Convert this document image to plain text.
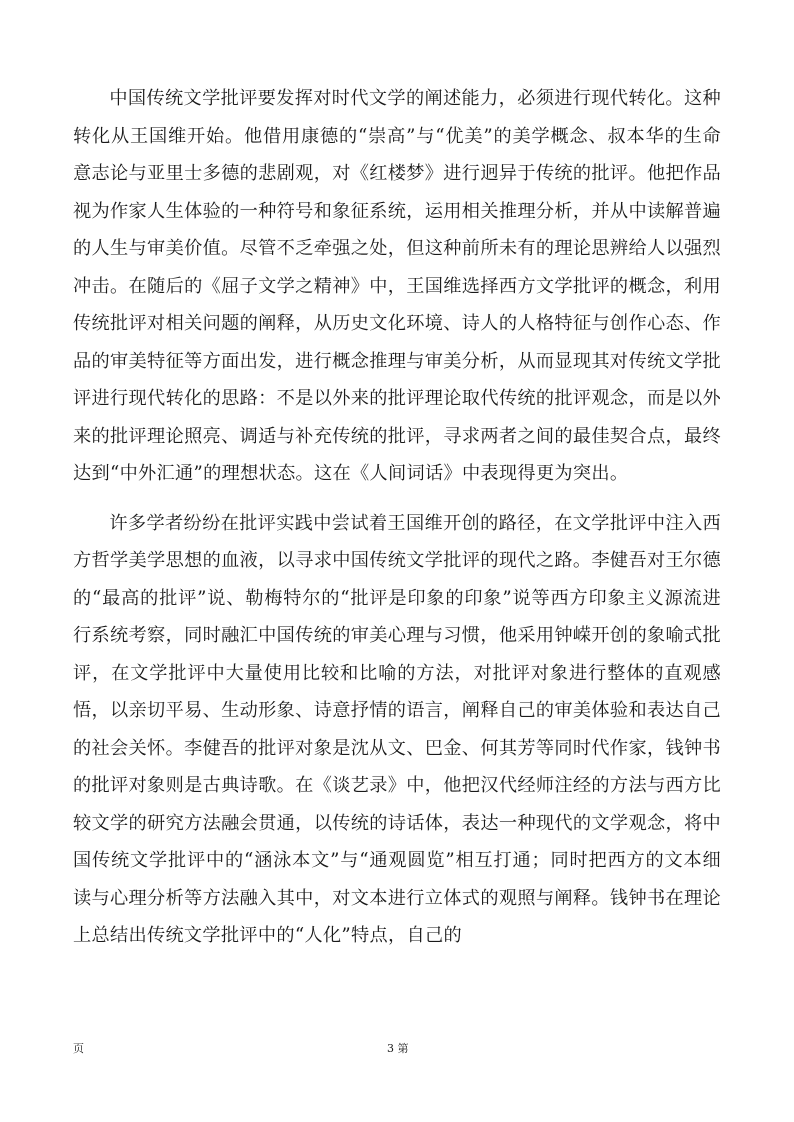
中国传统文学批评要发挥对时代文学的阐述能力，必须进行现代转化。这种转化从王国维开始。他借用康德的“崇高”与“优美”的美学概念、叔本华的生命意志论与亚里士多德的悲剧观，对《红楼梦》进行迥异于传统的批评。他把作品视为作家人生体验的一种符号和象征系统，运用相关推理分析，并从中读解普遍的人生与审美价值。尽管不乏牵强之处，但这种前所未有的理论思辨给人以强烈冲击。在随后的《屈子文学之精神》中，王国维选择西方文学批评的概念，利用传统批评对相关问题的阐释，从历史文化环境、诗人的人格特征与创作心态、作品的审美特征等方面出发，进行概念推理与审美分析，从而显现其对传统文学批评进行现代转化的思路：不是以外来的批评理论取代传统的批评观念，而是以外来的批评理论照亮、调适与补充传统的批评，寻求两者之间的最佳契合点，最终达到“中外汇通”的理想状态。这在《人间词话》中表现得更为突出。

许多学者纷纷在批评实践中尝试着王国维开创的路径，在文学批评中注入西方哲学美学思想的血液，以寻求中国传统文学批评的现代之路。李健吾对王尔德的“最高的批评”说、勒梅特尔的“批评是印象的印象”说等西方印象主义源流进行系统考察，同时融汇中国传统的审美心理与习惯，他采用钟嵘开创的象喻式批评，在文学批评中大量使用比较和比喻的方法，对批评对象进行整体的直观感悟，以亲切平易、生动形象、诗意抒情的语言，阐释自己的审美体验和表达自己的社会关怀。李健吾的批评对象是沈从文、巴金、何其芳等同时代作家，钱钟书的批评对象则是古典诗歌。在《谈艺录》中，他把汉代经师注经的方法与西方比较文学的研究方法融会贯通，以传统的诗话体，表达一种现代的文学观念，将中国传统文学批评中的“涵泳本文”与“通观圆览”相互打通；同时把西方的文本细读与心理分析等方法融入其中，对文本进行立体式的观照与阐释。钱钟书在理论上总结出传统文学批评中的“人化”特点，自己的

页	3 第
